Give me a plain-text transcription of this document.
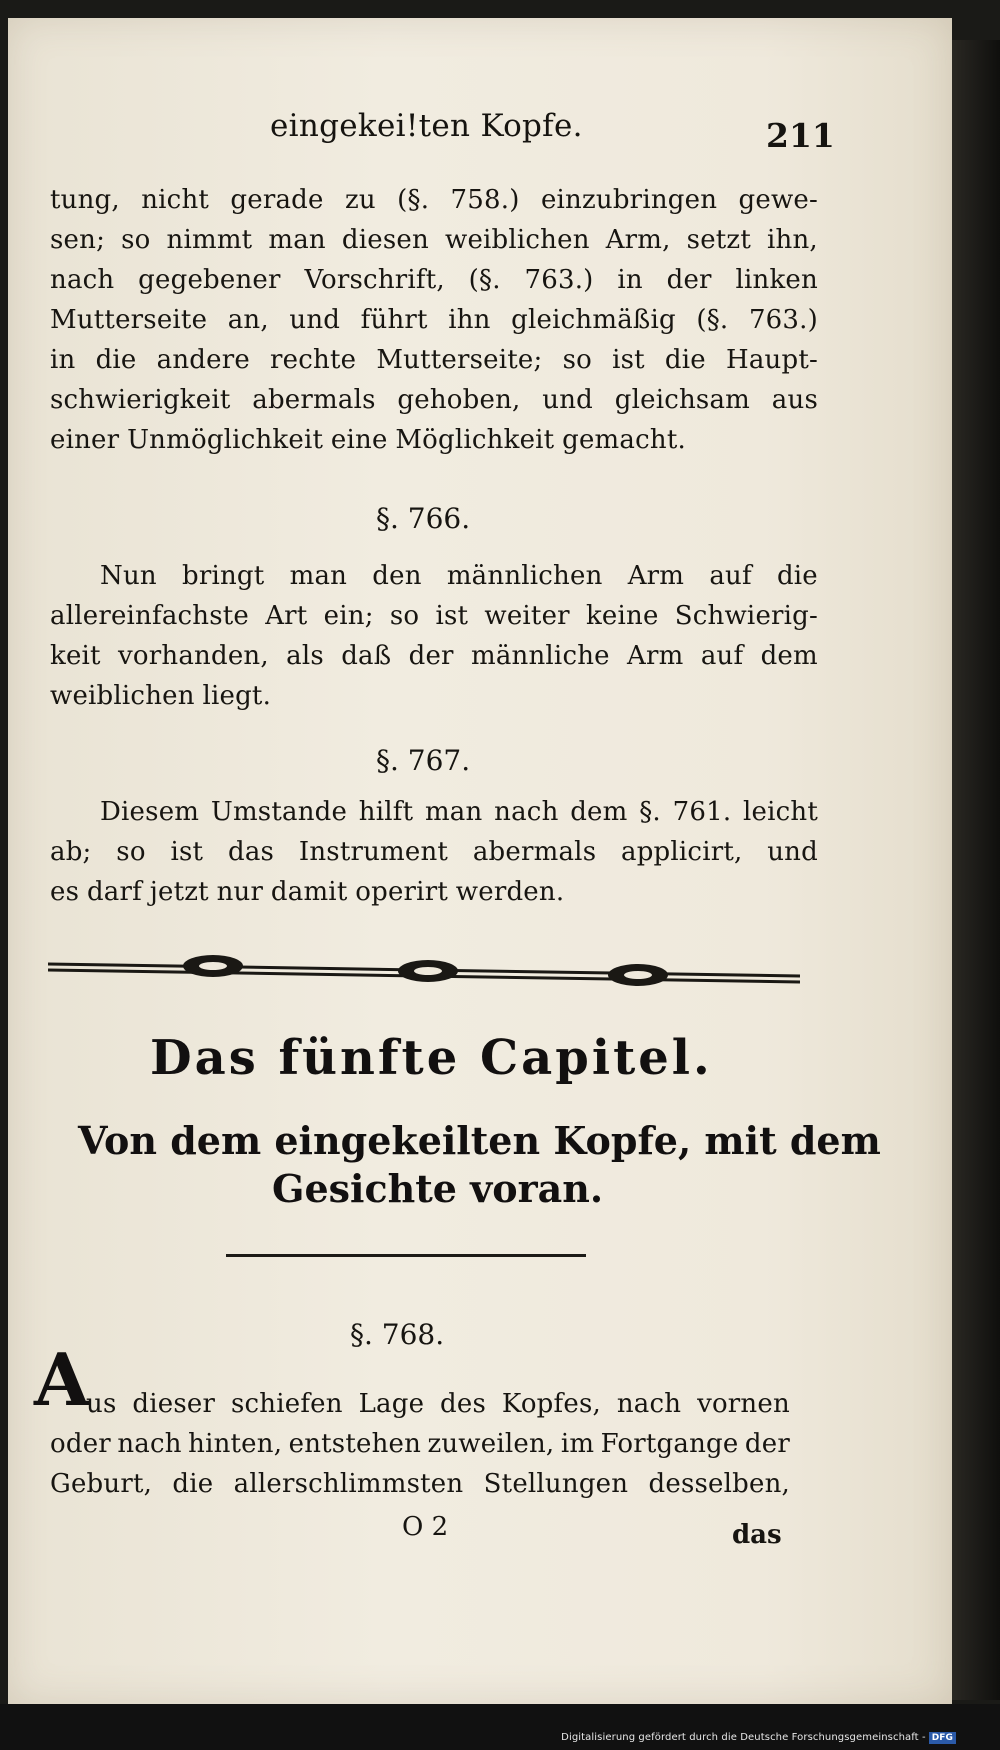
eingekei!ten Kopfe.	211
tung, nicht gerade zu (§. 758.) einzubringen gewe-
sen; so nimmt man diesen weiblichen Arm, setzt ihn,
nach gegebener Vorschrift, (§. 763.) in der linken
Mutterseite an, und führt ihn gleichmäßig (§. 763.)
in die andere rechte Mutterseite; so ist die Haupt-
schwierigkeit abermals gehoben, und gleichsam aus
einer Unmöglichkeit eine Möglichkeit gemacht.
§. 766.
Nun bringt man den männlichen Arm auf die
allereinfachste Art ein; so ist weiter keine Schwierig-
keit vorhanden, als daß der männliche Arm auf dem
weiblichen liegt.
§. 767.
Diesem Umstande hilft man nach dem §. 761. leicht
ab; so ist das Instrument abermals applicirt, und
es darf jetzt nur damit operirt werden.
Das fünfte Capitel.
Von dem eingekeilten Kopfe, mit dem
Gesichte voran.
§. 768.
A
us dieser schiefen Lage des Kopfes, nach vornen
oder nach hinten, entstehen zuweilen, im Fortgange der
Geburt, die allerschlimmsten Stellungen desselben,
O 2	das
Digitalisierung gefördert durch die Deutsche Forschungsgemeinschaft - DFG
